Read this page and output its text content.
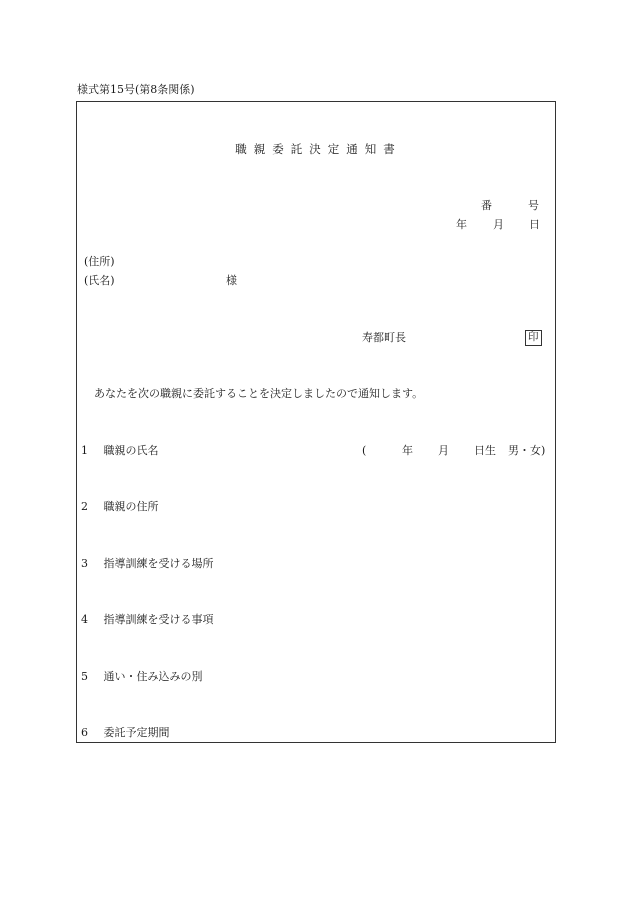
様式第15号(第8条関係)
職親委託決定通知書
番	号
年 月 日
(住所)
(氏名)	様
寿都町長	印
あなたを次の職親に委託することを決定しましたので通知します。
1 職親の氏名	(	年 月 日生 男・女)
2 職親の住所
3 指導訓練を受ける場所
4 指導訓練を受ける事項
5 通い・住み込みの別
6 委託予定期間
